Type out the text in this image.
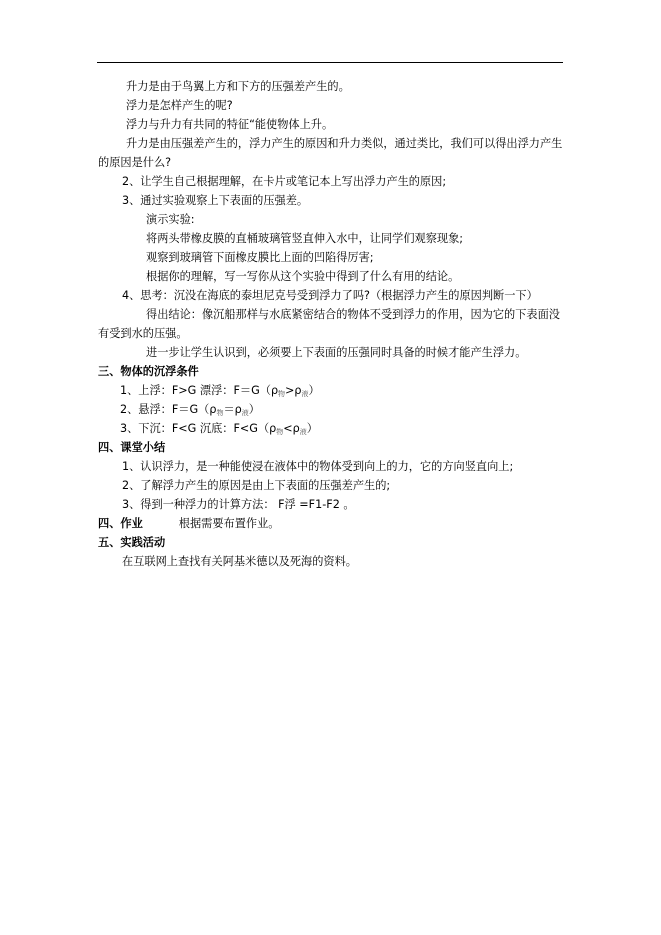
升力是由于鸟翼上方和下方的压强差产生的。
浮力是怎样产生的呢?
浮力与升力有共同的特征“能使物体上升。
升力是由压强差产生的，浮力产生的原因和升力类似，通过类比，我们可以得出浮力产生的原因是什么?
2、让学生自己根据理解，在卡片或笔记本上写出浮力产生的原因;
3、通过实验观察上下表面的压强差。
演示实验:
将两头带橡皮膜的直桶玻璃管竖直伸入水中，让同学们观察现象;
观察到玻璃管下面橡皮膜比上面的凹陷得厉害;
根据你的理解，写一写你从这个实验中得到了什么有用的结论。
4、思考：沉没在海底的泰坦尼克号受到浮力了吗?（根据浮力产生的原因判断一下）
得出结论：像沉船那样与水底紧密结合的物体不受到浮力的作用，因为它的下表面没有受到水的压强。
进一步让学生认识到，必须要上下表面的压强同时具备的时候才能产生浮力。
三、物体的沉浮条件
1、上浮：F>G 漂浮：$F=G(\rho_物>\rho_液)$
2、悬浮：$F=G(\rho_物=\rho_液)$
3、下沉：F<G 沉底：$F<G(\rho_物<\rho_液)$
四、课堂小结
1、认识浮力，是一种能使浸在液体中的物体受到向上的力，它的方向竖直向上;
2、了解浮力产生的原因是由上下表面的压强差产生的;
3、得到一种浮力的计算方法： F浮 =F1-F2 。
四、作业	根据需要布置作业。
五、实践活动
在互联网上查找有关阿基米德以及死海的资料。
